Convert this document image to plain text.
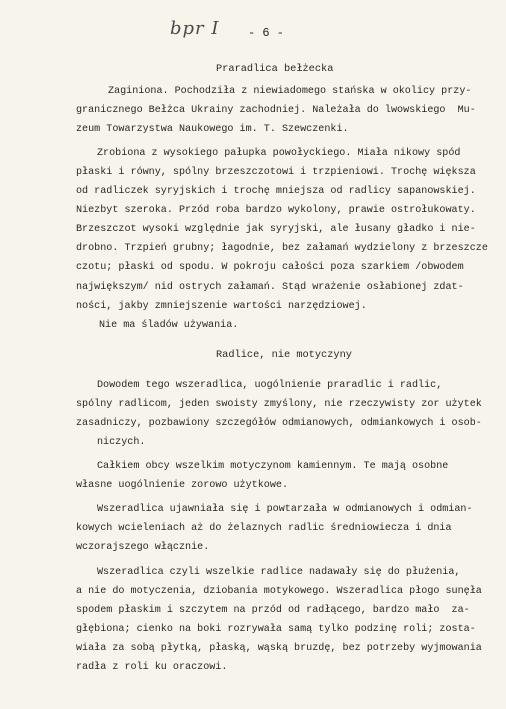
bpr I - 6 -
Praradlica bełżecka
Zaginiona. Pochodziła z niewiadomego stańska w okolicy przy-
granicznego Bełżca Ukrainy zachodniej. Należała do lwowskiego  Mu-
zeum Towarzystwa Naukowego im. T. Szewczenki.
Zrobiona z wysokiego pałupka powołyckiego. Miała nikowy spód
płaski i równy, spólny brzeszczotowi i trzpieniowi. Trochę większa
od radliczek syryjskich i trochę mniejsza od radlicy sapanowskiej.
Niezbyt szeroka. Przód roba bardzo wykolony, prawie ostrołukowaty.
Brzeszczot wysoki względnie jak syryjski, ale łusany gładko i nie-
drobno. Trzpień grubny; łagodnie, bez załamań wydzielony z brzeszcze
czotu; płaski od spodu. W pokroju całości poza szarkiem /obwodem
największym/ nid ostrych załamań. Stąd wrażenie osłabionej zdat-
ności, jakby zmniejszenie wartości narzędziowej.
Nie ma śladów używania.
Radlice, nie motyczyny
Dowodem tego wszeradlica, uogólnienie praradlic i radlic,
spólny radlicom, jeden swoisty zmyślony, nie rzeczywisty zor użytek
zasadniczy, pozbawiony szczegółów odmianowych, odmiankowych i osob-
niczych.
Całkiem obcy wszelkim motyczynom kamiennym. Te mają osobne
własne uogólnienie zorowo użytkowe.
Wszeradlica ujawniała się i powtarzała w odmianowych i odmian-
kowych wcieleniach aż do żelaznych radlic średniowiecza i dnia
wczorajszego włącznie.
Wszeradlica czyli wszelkie radlice nadawały się do płużenia,
a nie do motyczenia, dziobania motykowego. Wszeradlica płogo sunęła
spodem płaskim i szczytem na przód od radłącego, bardzo mało  za-
głębiona; cienko na boki rozrywała samą tylko podzinę roli; zosta-
wiała za sobą płytką, płaską, wąską bruzdę, bez potrzeby wyjmowania
radła z roli ku oraczowi.
